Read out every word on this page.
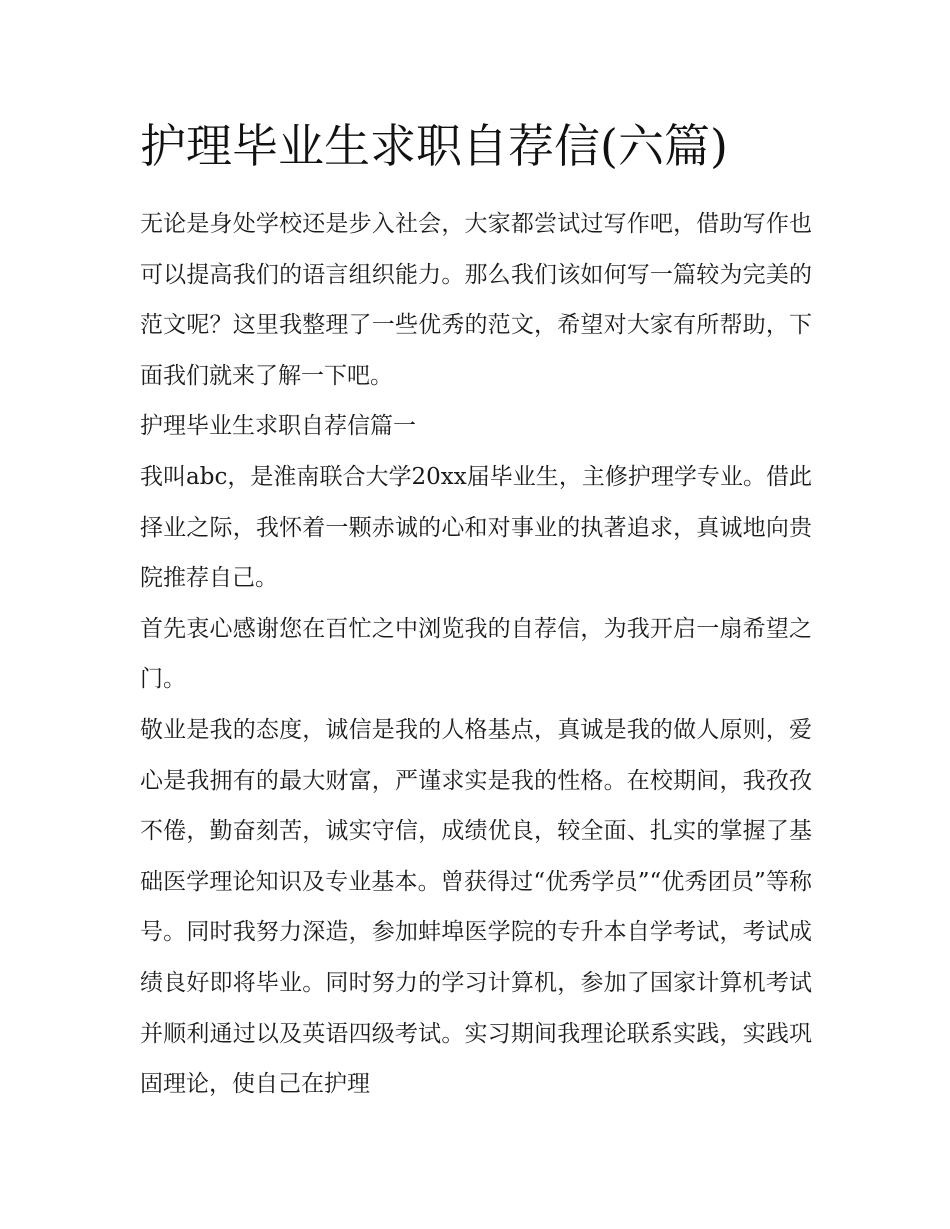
护理毕业生求职自荐信(六篇)

无论是身处学校还是步入社会，大家都尝试过写作吧，借助写作也可以提高我们的语言组织能力。那么我们该如何写一篇较为完美的范文呢？这里我整理了一些优秀的范文，希望对大家有所帮助，下面我们就来了解一下吧。

护理毕业生求职自荐信篇一

我叫abc，是淮南联合大学20xx届毕业生，主修护理学专业。借此择业之际，我怀着一颗赤诚的心和对事业的执著追求，真诚地向贵院推荐自己。

首先衷心感谢您在百忙之中浏览我的自荐信，为我开启一扇希望之门。

敬业是我的态度，诚信是我的人格基点，真诚是我的做人原则，爱心是我拥有的最大财富，严谨求实是我的性格。在校期间，我孜孜不倦，勤奋刻苦，诚实守信，成绩优良，较全面、扎实的掌握了基础医学理论知识及专业基本。曾获得过“优秀学员”“优秀团员”等称号。同时我努力深造，参加蚌埠医学院的专升本自学考试，考试成绩良好即将毕业。同时努力的学习计算机，参加了国家计算机考试并顺利通过以及英语四级考试。实习期间我理论联系实践，实践巩固理论，使自己在护理
